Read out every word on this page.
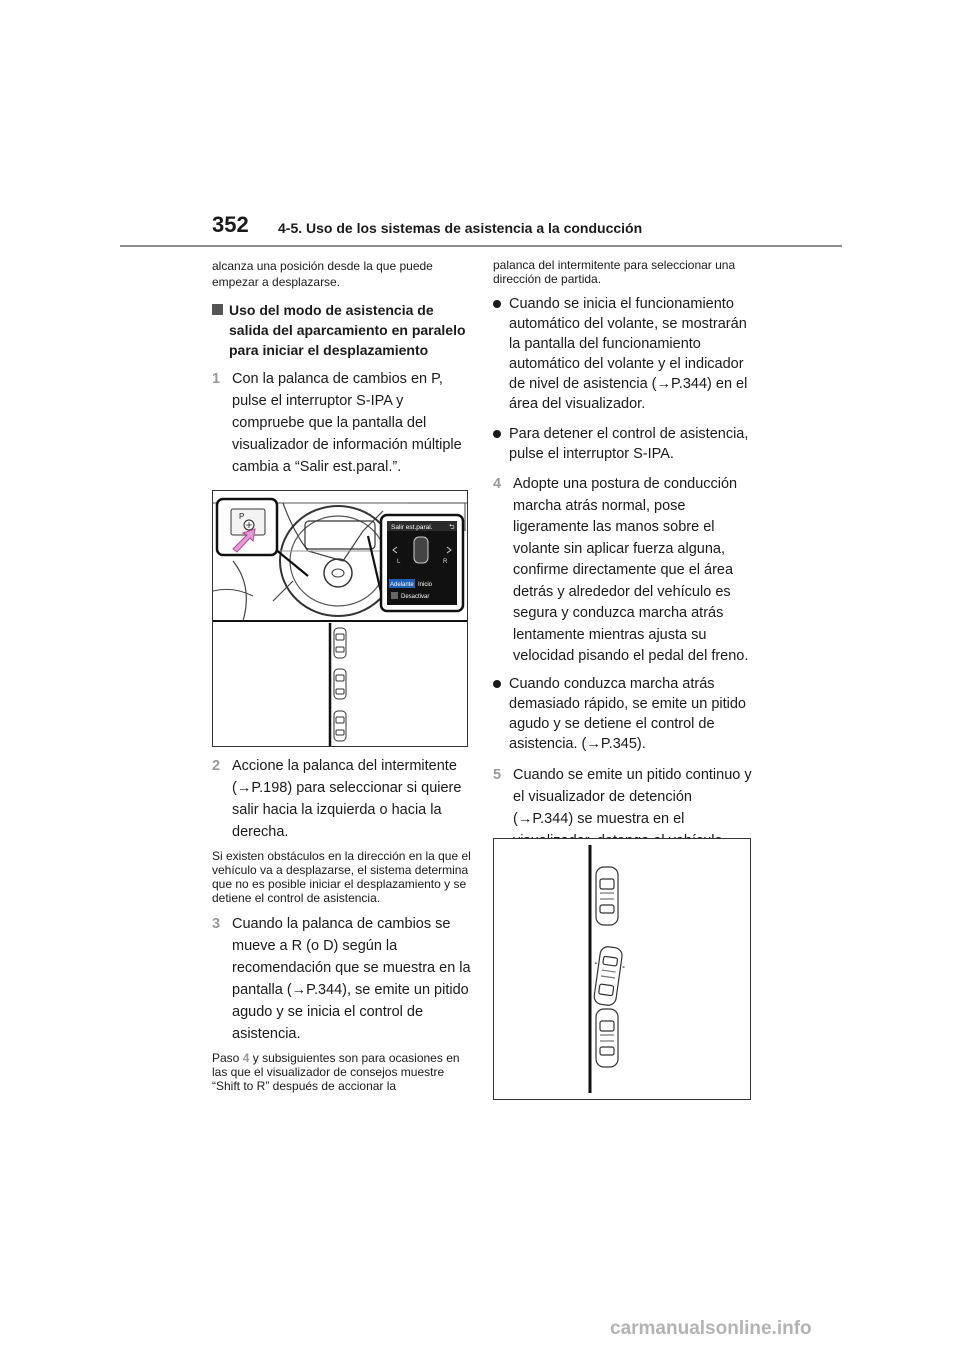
352 4-5. Uso de los sistemas de asistencia a la conducción

alcanza una posición desde la que puede empezar a desplazarse.

Uso del modo de asistencia de salida del aparcamiento en paralelo para iniciar el desplazamiento
1 Con la palanca de cambios en P, pulse el interruptor S-IPA y compruebe que la pantalla del visualizador de información múltiple cambia a “Salir est.paral.”.
P
Salir est.paral. ⮌
L	R
Adelante Inicio
Desactivar
2 Accione la palanca del intermitente (→P.198) para seleccionar si quiere salir hacia la izquierda o hacia la derecha.

Si existen obstáculos en la dirección en la que el vehículo va a desplazarse, el sistema determina que no es posible iniciar el desplazamiento y se detiene el control de asistencia.

3 Cuando la palanca de cambios se mueve a R (o D) según la recomendación que se muestra en la pantalla (→P.344), se emite un pitido agudo y se inicia el control de asistencia.

Paso 4 y subsiguientes son para ocasiones en las que el visualizador de consejos muestre “Shift to R” después de accionar la

palanca del intermitente para seleccionar una dirección de partida.

Cuando se inicia el funcionamiento automático del volante, se mostrarán la pantalla del funcionamiento automático del volante y el indicador de nivel de asistencia (→P.344) en el área del visualizador.
Para detener el control de asistencia, pulse el interruptor S-IPA.
4 Adopte una postura de conducción marcha atrás normal, pose ligeramente las manos sobre el volante sin aplicar fuerza alguna, confirme directamente que el área detrás y alrededor del vehículo es segura y conduzca marcha atrás lentamente mientras ajusta su velocidad pisando el pedal del freno.
Cuando conduzca marcha atrás demasiado rápido, se emite un pitido agudo y se detiene el control de asistencia. (→P.345).
5 Cuando se emite un pitido continuo y el visualizador de detención (→P.344) se muestra en el
carmanualsonline.info
